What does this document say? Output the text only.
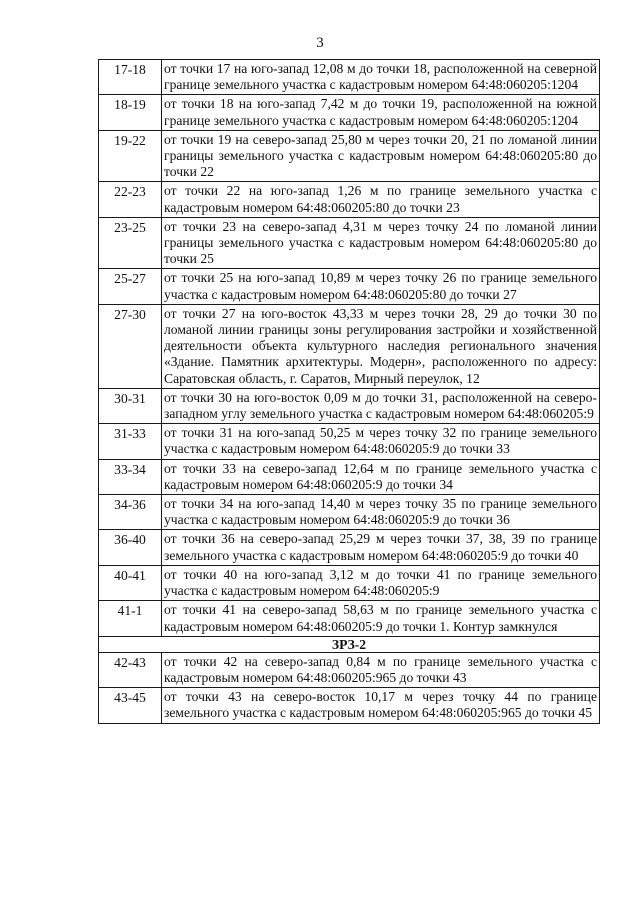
3
17-18	от точки 17 на юго-запад 12,08 м до точки 18, расположенной на северной границе земельного участка с кадастровым номером 64:48:060205:1204
18-19	от точки 18 на юго-запад 7,42 м до точки 19, расположенной на южной границе земельного участка с кадастровым номером 64:48:060205:1204
19-22	от точки 19 на северо-запад 25,80 м через точки 20, 21 по ломаной линии границы земельного участка с кадастровым номером 64:48:060205:80 до точки 22
22-23	от точки 22 на юго-запад 1,26 м по границе земельного участка с кадастровым номером 64:48:060205:80 до точки 23
23-25	от точки 23 на северо-запад 4,31 м через точку 24 по ломаной линии границы земельного участка с кадастровым номером 64:48:060205:80 до точки 25
25-27	от точки 25 на юго-запад 10,89 м через точку 26 по границе земельного участка с кадастровым номером 64:48:060205:80 до точки 27
27-30	от точки 27 на юго-восток 43,33 м через точки 28, 29 до точки 30 по ломаной линии границы зоны регулирования застройки и хозяйственной деятельности объекта культурного наследия регионального значения «Здание. Памятник архитектуры. Модерн», расположенного по адресу: Саратовская область, г. Саратов, Мирный переулок, 12
30-31	от точки 30 на юго-восток 0,09 м до точки 31, расположенной на северо-западном углу земельного участка с кадастровым номером 64:48:060205:9
31-33	от точки 31 на юго-запад 50,25 м через точку 32 по границе земельного участка с кадастровым номером 64:48:060205:9 до точки 33
33-34	от точки 33 на северо-запад 12,64 м по границе земельного участка с кадастровым номером 64:48:060205:9 до точки 34
34-36	от точки 34 на юго-запад 14,40 м через точку 35 по границе земельного участка с кадастровым номером 64:48:060205:9 до точки 36
36-40	от точки 36 на северо-запад 25,29 м через точки 37, 38, 39 по границе земельного участка с кадастровым номером 64:48:060205:9 до точки 40
40-41	от точки 40 на юго-запад 3,12 м до точки 41 по границе земельного участка с кадастровым номером 64:48:060205:9
41-1	от точки 41 на северо-запад 58,63 м по границе земельного участка с кадастровым номером 64:48:060205:9 до точки 1. Контур замкнулся
ЗРЗ-2	
42-43	от точки 42 на северо-запад 0,84 м по границе земельного участка с кадастровым номером 64:48:060205:965 до точки 43
43-45	от точки 43 на северо-восток 10,17 м через точку 44 по границе земельного участка с кадастровым номером 64:48:060205:965 до точки 45
